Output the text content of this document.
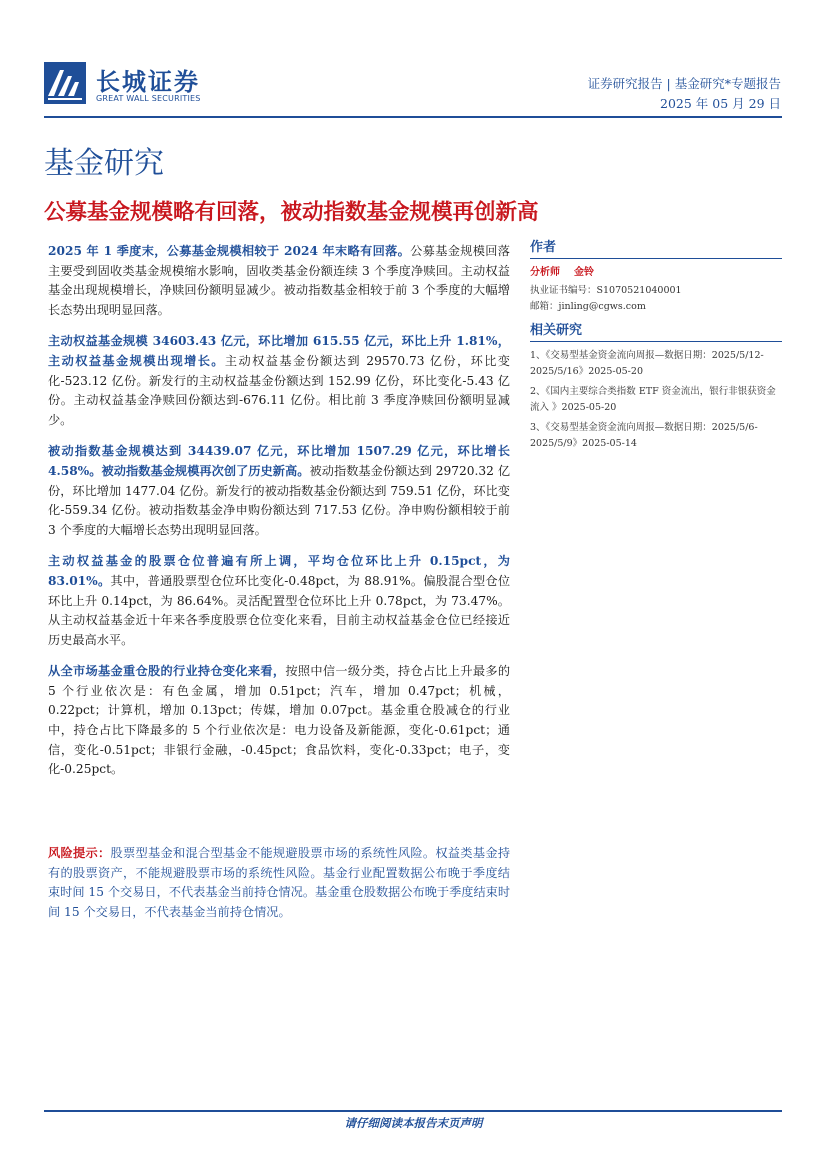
长城证券
GREAT WALL SECURITIES
证券研究报告 | 基金研究*专题报告
2025 年 05 月 29 日
基金研究
公募基金规模略有回落，被动指数基金规模再创新高

2025 年 1 季度末，公募基金规模相较于 2024 年末略有回落。公募基金规模回落主要受到固收类基金规模缩水影响，固收类基金份额连续 3 个季度净赎回。主动权益基金出现规模增长，净赎回份额明显减少。被动指数基金相较于前 3 个季度的大幅增长态势出现明显回落。

主动权益基金规模 34603.43 亿元，环比增加 615.55 亿元，环比上升 1.81%，主动权益基金规模出现增长。主动权益基金份额达到 29570.73 亿份，环比变化-523.12 亿份。新发行的主动权益基金份额达到 152.99 亿份，环比变化-5.43 亿份。主动权益基金净赎回份额达到-676.11 亿份。相比前 3 季度净赎回份额明显减少。

被动指数基金规模达到 34439.07 亿元，环比增加 1507.29 亿元，环比增长 4.58%。被动指数基金规模再次创了历史新高。被动指数基金份额达到 29720.32 亿份，环比增加 1477.04 亿份。新发行的被动指数基金份额达到 759.51 亿份，环比变化-559.34 亿份。被动指数基金净申购份额达到 717.53 亿份。净申购份额相较于前 3 个季度的大幅增长态势出现明显回落。

主动权益基金的股票仓位普遍有所上调，平均仓位环比上升 0.15pct，为 83.01%。其中，普通股票型仓位环比变化-0.48pct，为 88.91%。偏股混合型仓位环比上升 0.14pct，为 86.64%。灵活配置型仓位环比上升 0.78pct，为 73.47%。从主动权益基金近十年来各季度股票仓位变化来看，目前主动权益基金仓位已经接近历史最高水平。

从全市场基金重仓股的行业持仓变化来看，按照中信一级分类，持仓占比上升最多的 5 个行业依次是：有色金属，增加 0.51pct；汽车，增加 0.47pct；机械，0.22pct；计算机，增加 0.13pct；传媒，增加 0.07pct。基金重仓股减仓的行业中，持仓占比下降最多的 5 个行业依次是：电力设备及新能源，变化-0.61pct；通信，变化-0.51pct；非银行金融，-0.45pct；食品饮料，变化-0.33pct；电子，变化-0.25pct。

风险提示：股票型基金和混合型基金不能规避股票市场的系统性风险。权益类基金持有的股票资产，不能规避股票市场的系统性风险。基金行业配置数据公布晚于季度结束时间 15 个交易日，不代表基金当前持仓情况。基金重仓股数据公布晚于季度结束时间 15 个交易日，不代表基金当前持仓情况。
作者
分析师 金铃
执业证书编号：S1070521040001
邮箱：jinling@cgws.com
相关研究
1、《交易型基金资金流向周报—数据日期：2025/5/12-2025/5/16》2025-05-20
2、《国内主要综合类指数 ETF 资金流出，银行非银获资金流入 》2025-05-20
3、《交易型基金资金流向周报—数据日期：2025/5/6-2025/5/9》2025-05-14
请仔细阅读本报告末页声明
